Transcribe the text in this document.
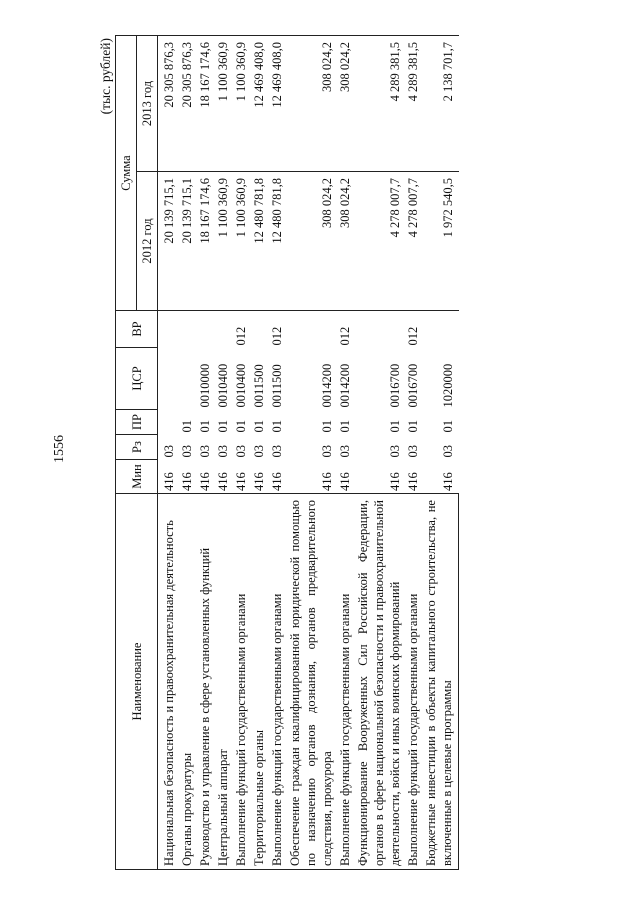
1556
(тыс. рублей)
Наименование	Мин	Рз	ПР	ЦСР	ВР	Сумма	
						2012 год	2013 год
Национальная безопасность и правоохранительная деятельность	416	03				20 139 715,1	20 305 876,3
Органы прокуратуры	416	03	01			20 139 715,1	20 305 876,3
Руководство и управление в сфере установленных функций	416	03	01	0010000		18 167 174,6	18 167 174,6
Центральный аппарат	416	03	01	0010400		1 100 360,9	1 100 360,9
Выполнение функций государственными органами	416	03	01	0010400	012	1 100 360,9	1 100 360,9
Территориальные органы	416	03	01	0011500		12 480 781,8	12 469 408,0
Выполнение функций государственными органами	416	03	01	0011500	012	12 480 781,8	12 469 408,0
Обеспечение граждан квалифицированной юридической помощью по назначению органов дознания, органов предварительного следствия, прокурора	416	03	01	0014200		308 024,2	308 024,2
Выполнение функций государственными органами	416	03	01	0014200	012	308 024,2	308 024,2
Функционирование Вооруженных Сил Российской Федерации, органов в сфере национальной безопасности и правоохранительной деятельности, войск и иных воинских формирований	416	03	01	0016700		4 278 007,7	4 289 381,5
Выполнение функций государственными органами	416	03	01	0016700	012	4 278 007,7	4 289 381,5
Бюджетные инвестиции в объекты капитального строительства, не включенные в целевые программы	416	03	01	1020000		1 972 540,5	2 138 701,7
